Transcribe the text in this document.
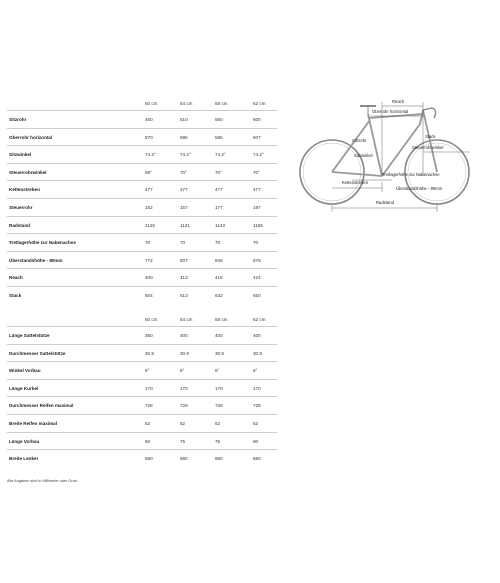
50 cm	54 cm	58 cm	62 cm
Sitzrohr	460	510	560	600
Oberrohr horizontal	570	586	596	607
Sitzwinkel	74.2°	74.2°	74.2°	74.2°
Steuerrohrwinkel	69°	70°	70°	70°
Kettenstreben	477	477	477	477
Steuerrohr	152	157	177	197
Radstand	1125	1131	1143	1155
Tretlagerhöhe zur Nabenachse	70	70	70	70
Überstandshöhe - 80mm	772	807	845	876
Reach	400	413	418	424
Stack	604	613	632	650
50 cm	54 cm	58 cm	62 cm
Länge Sattelstütze	350	400	400	400
Durchmesser Sattelstütze	30.9	30.9	30.9	30.9
Winkel Vorbau	6°	6°	6°	6°
Länge Kurbel	170	170	170	170
Durchmesser Reifen maximal	728	728	728	728
Breite Reifen maximal	52	52	52	52
Länge Vorbau	60	75	75	90
Breite Lenker	680	680	680	680
Alle Angaben sind in Millimeter oder Grad.
Reach
Oberrohr horizontal
Stack
Steuerrohrwinkel
Sitzwinkel
Sitzrohr
Kettenstreben
Tretlagerhöhe zur Nabenachse
Überstandshöhe - 80mm
Radstand
